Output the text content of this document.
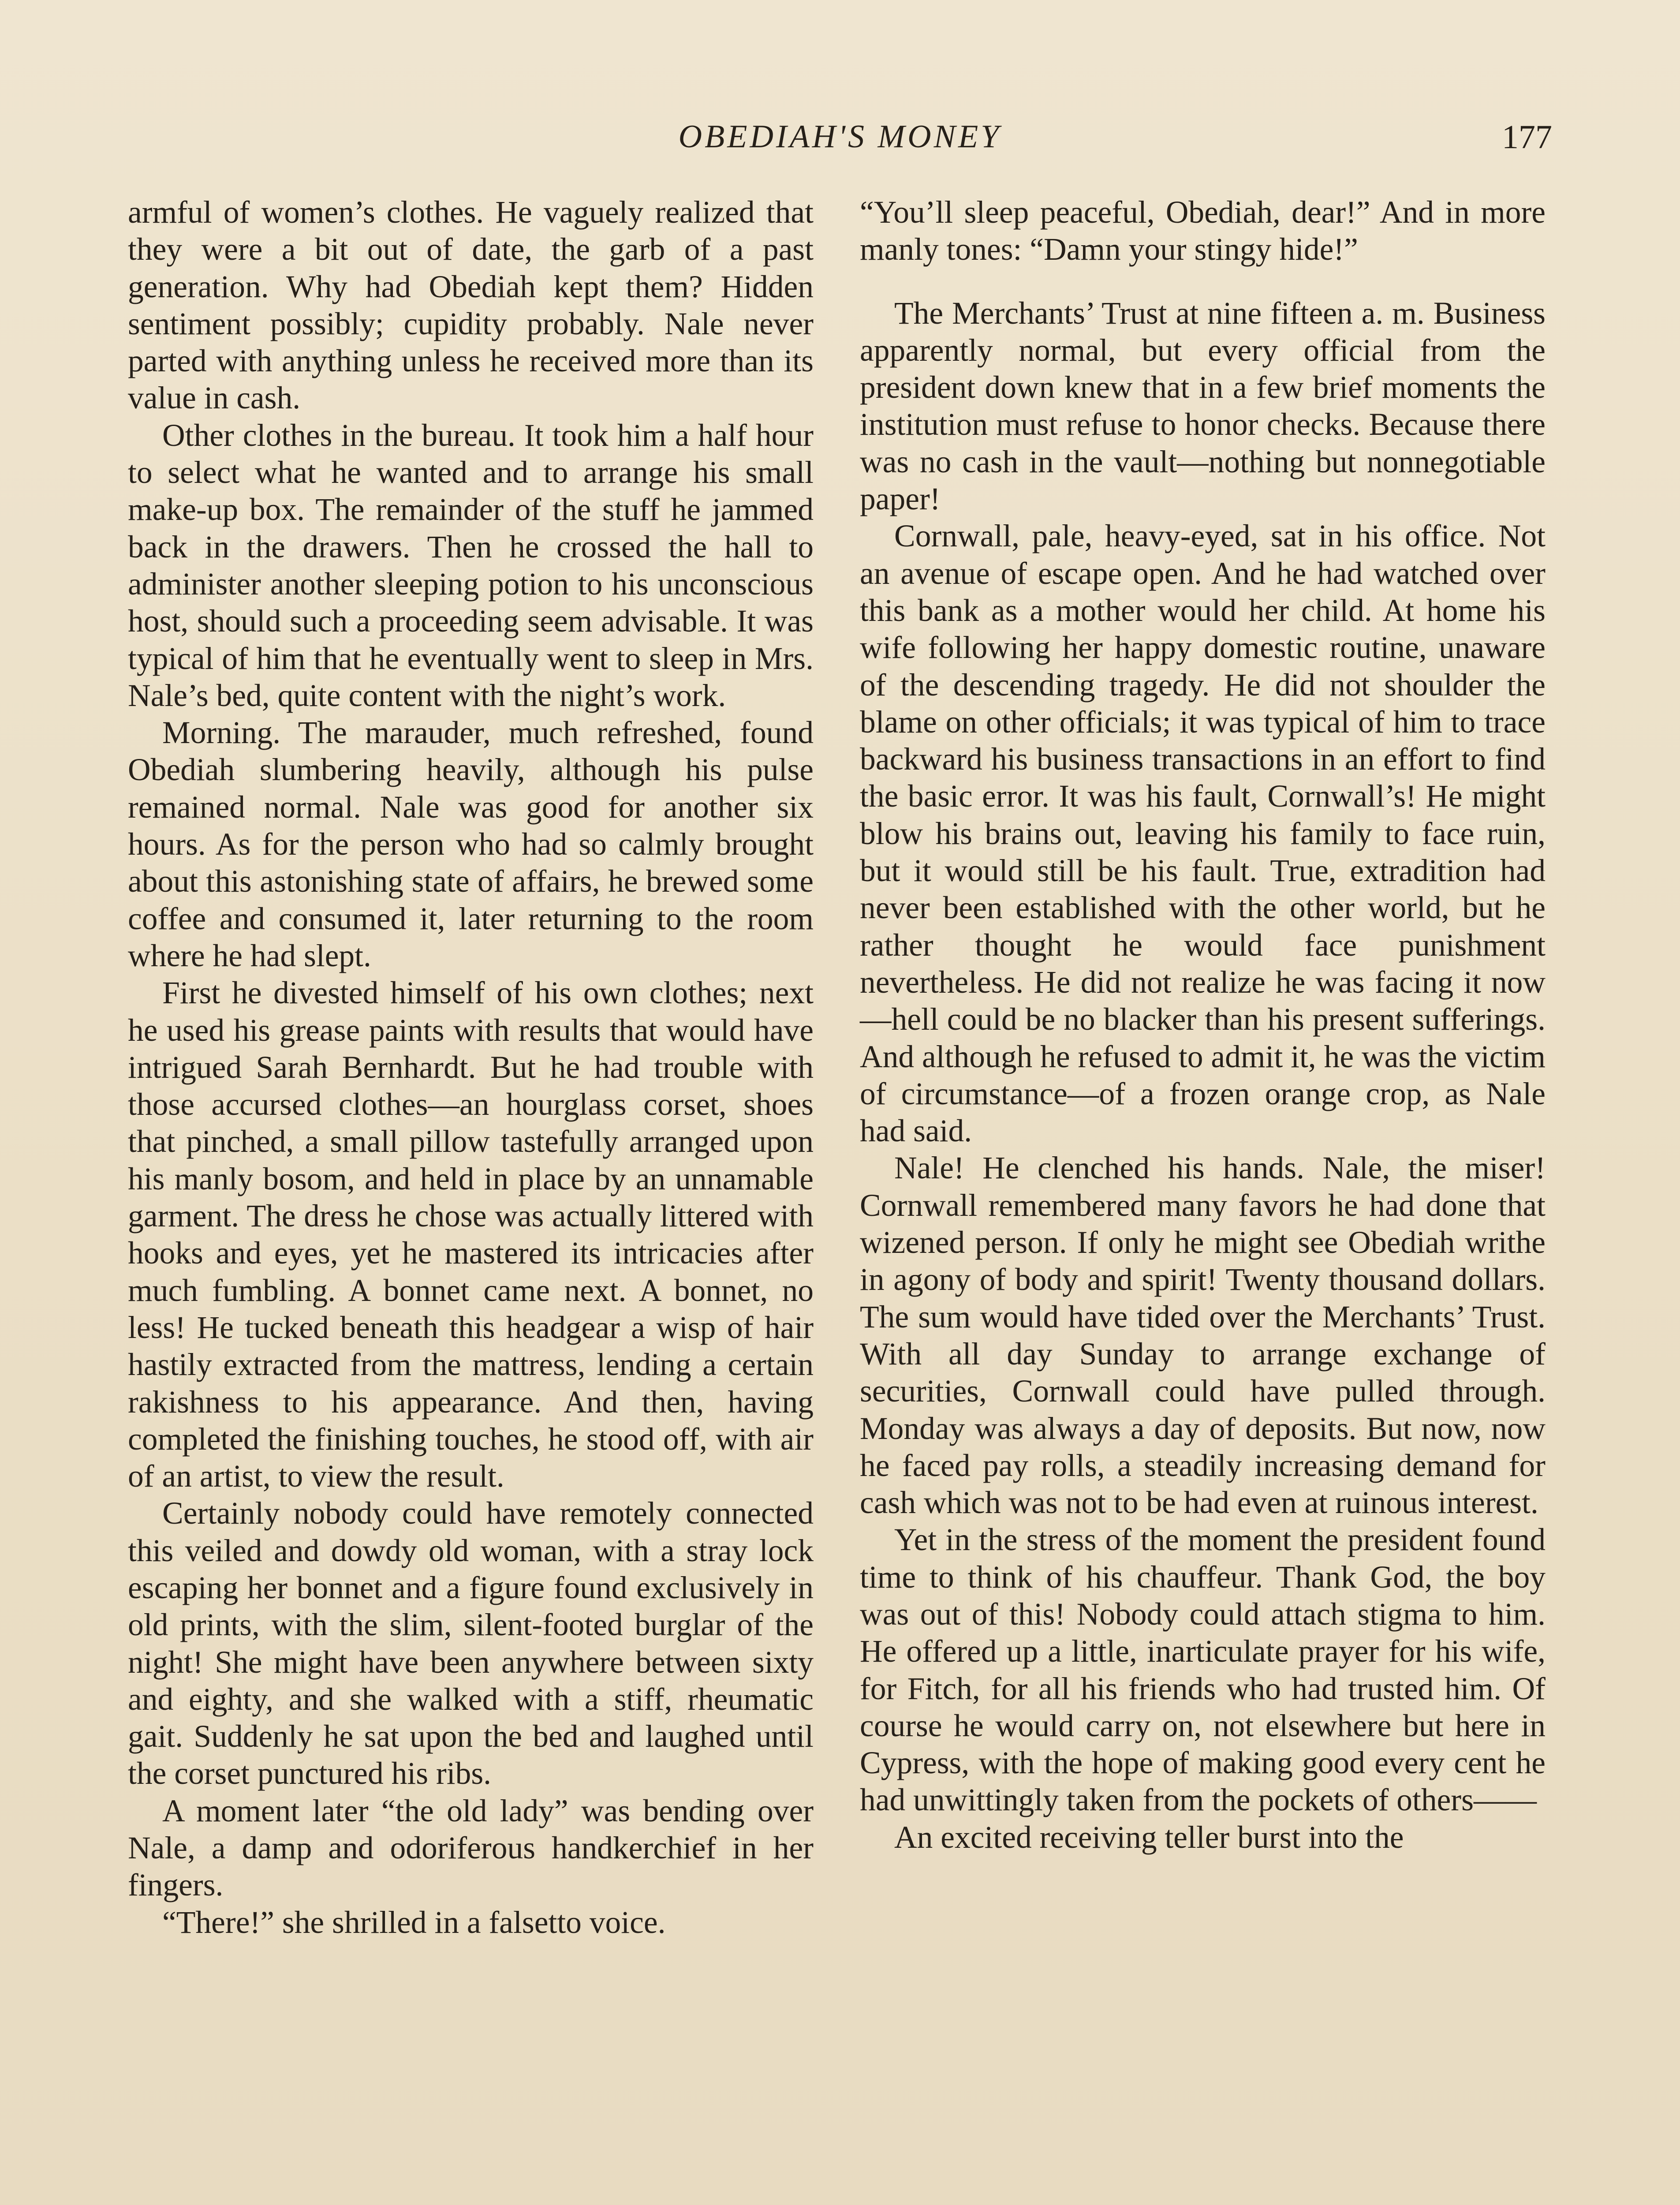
OBEDIAH'S MONEY	177

armful of women’s clothes. He vaguely realized that they were a bit out of date, the garb of a past generation. Why had Obediah kept them? Hidden sentiment possibly; cupidity probably. Nale never parted with anything unless he received more than its value in cash.

Other clothes in the bureau. It took him a half hour to select what he wanted and to arrange his small make-up box. The remainder of the stuff he jammed back in the drawers. Then he crossed the hall to administer another sleeping potion to his unconscious host, should such a proceeding seem advisable. It was typical of him that he eventually went to sleep in Mrs. Nale’s bed, quite content with the night’s work.

Morning. The marauder, much refreshed, found Obediah slumbering heavily, although his pulse remained normal. Nale was good for another six hours. As for the person who had so calmly brought about this astonishing state of affairs, he brewed some coffee and consumed it, later returning to the room where he had slept.

First he divested himself of his own clothes; next he used his grease paints with results that would have intrigued Sarah Bernhardt. But he had trouble with those accursed clothes—an hourglass corset, shoes that pinched, a small pillow tastefully arranged upon his manly bosom, and held in place by an unnamable garment. The dress he chose was actually littered with hooks and eyes, yet he mastered its intricacies after much fumbling. A bonnet came next. A bonnet, no less! He tucked beneath this headgear a wisp of hair hastily extracted from the mattress, lending a certain rakishness to his appearance. And then, having completed the finishing touches, he stood off, with air of an artist, to view the result.

Certainly nobody could have remotely connected this veiled and dowdy old woman, with a stray lock escaping her bonnet and a figure found exclusively in old prints, with the slim, silent-footed burglar of the night! She might have been anywhere between sixty and eighty, and she walked with a stiff, rheumatic gait. Suddenly he sat upon the bed and laughed until the corset punctured his ribs.

A moment later “the old lady” was bending over Nale, a damp and odoriferous handkerchief in her fingers.

“There!” she shrilled in a falsetto voice.

“You’ll sleep peaceful, Obediah, dear!” And in more manly tones: “Damn your stingy hide!”

The Merchants’ Trust at nine fifteen a. m. Business apparently normal, but every official from the president down knew that in a few brief moments the institution must refuse to honor checks. Because there was no cash in the vault—nothing but nonnegotiable paper!

Cornwall, pale, heavy-eyed, sat in his office. Not an avenue of escape open. And he had watched over this bank as a mother would her child. At home his wife following her happy domestic routine, unaware of the descending tragedy. He did not shoulder the blame on other officials; it was typical of him to trace backward his business transactions in an effort to find the basic error. It was his fault, Cornwall’s! He might blow his brains out, leaving his family to face ruin, but it would still be his fault. True, extradition had never been established with the other world, but he rather thought he would face punishment nevertheless. He did not realize he was facing it now—hell could be no blacker than his present sufferings. And although he refused to admit it, he was the victim of circumstance—of a frozen orange crop, as Nale had said.

Nale! He clenched his hands. Nale, the miser! Cornwall remembered many favors he had done that wizened person. If only he might see Obediah writhe in agony of body and spirit! Twenty thousand dollars. The sum would have tided over the Merchants’ Trust. With all day Sunday to arrange exchange of securities, Cornwall could have pulled through. Monday was always a day of deposits. But now, now he faced pay rolls, a steadily increasing demand for cash which was not to be had even at ruinous interest.

Yet in the stress of the moment the president found time to think of his chauffeur. Thank God, the boy was out of this! Nobody could attach stigma to him. He offered up a little, inarticulate prayer for his wife, for Fitch, for all his friends who had trusted him. Of course he would carry on, not elsewhere but here in Cypress, with the hope of making good every cent he had unwittingly taken from the pockets of others——

An excited receiving teller burst into the
